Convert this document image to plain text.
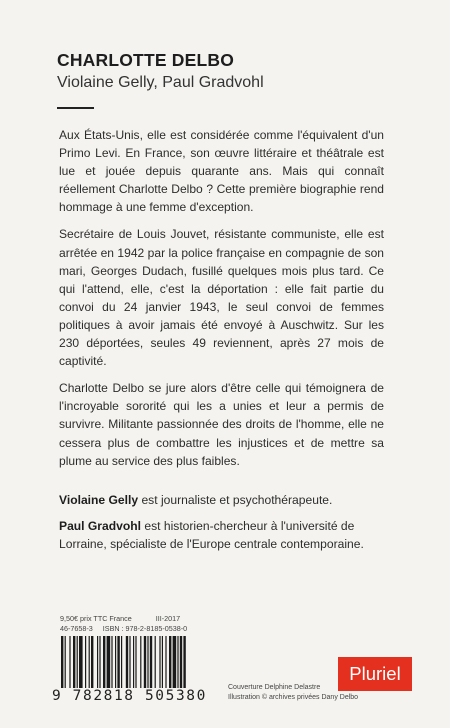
CHARLOTTE DELBO
Violaine Gelly, Paul Gradvohl

Aux États-Unis, elle est considérée comme l'équivalent d'un Primo Levi. En France, son œuvre littéraire et théâtrale est lue et jouée depuis quarante ans. Mais qui connaît réellement Charlotte Delbo ? Cette première biographie rend hommage à une femme d'exception.

Secrétaire de Louis Jouvet, résistante communiste, elle est arrêtée en 1942 par la police française en compagnie de son mari, Georges Dudach, fusillé quelques mois plus tard. Ce qui l'attend, elle, c'est la déportation : elle fait partie du convoi du 24 janvier 1943, le seul convoi de femmes politiques à avoir jamais été envoyé à Auschwitz. Sur les 230 déportées, seules 49 reviennent, après 27 mois de captivité.

Charlotte Delbo se jure alors d'être celle qui témoignera de l'incroyable sororité qui les a unies et leur a permis de survivre. Militante passionnée des droits de l'homme, elle ne cessera plus de combattre les injustices et de mettre sa plume au service des plus faibles.

Violaine Gelly est journaliste et psychothérapeute.

Paul Gradvohl est historien-chercheur à l'université de Lorraine, spécialiste de l'Europe centrale contemporaine.

9,50€ prix TTC France	III-2017
46-7658-3 ISBN : 978-2-8185-0538-0
9 782818 505380
Couverture Delphine Delastre
Illustration © archives privées Dany Delbo
Pluriel
